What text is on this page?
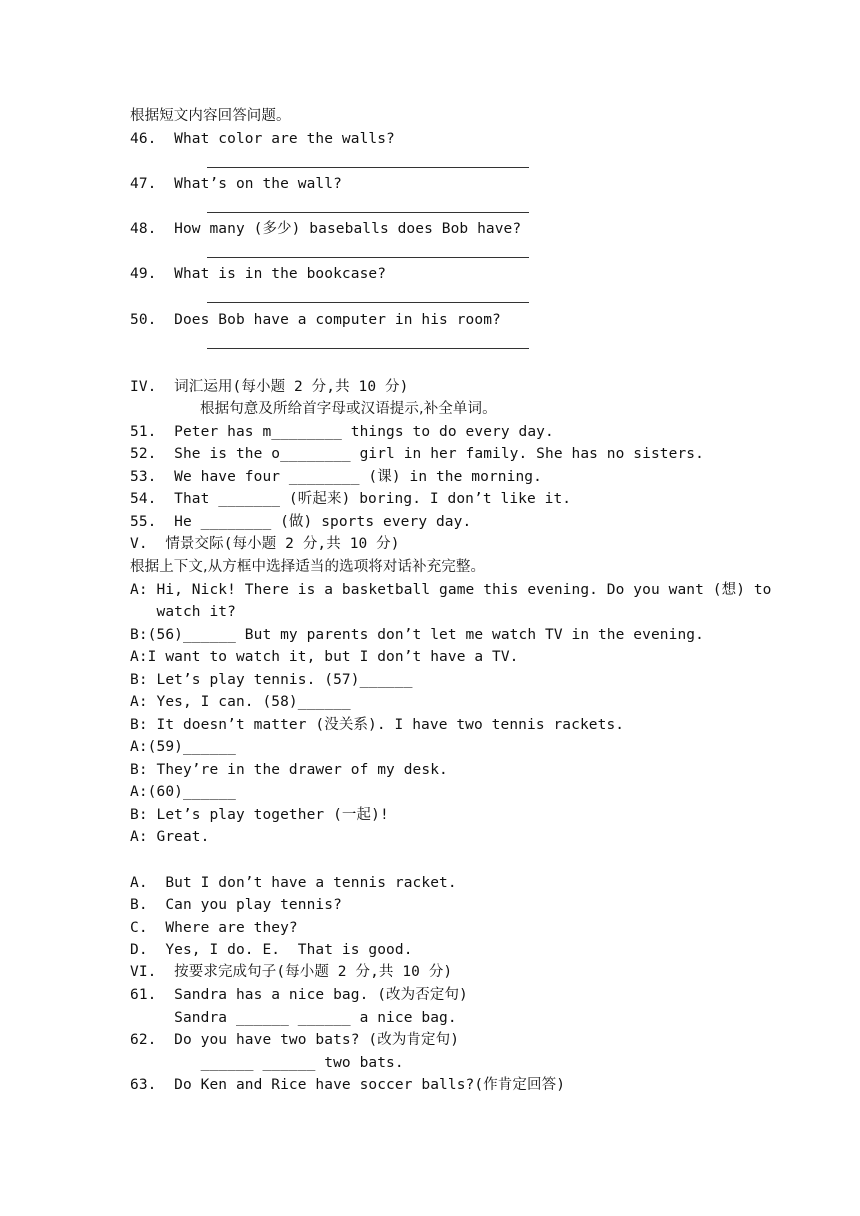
根据短文内容回答问题。
46.  What color are the walls?
47.  What’s on the wall?
48.  How many (多少) baseballs does Bob have?
49.  What is in the bookcase?
50.  Does Bob have a computer in his room?
IV.  词汇运用(每小题 2 分,共 10 分)
根据句意及所给首字母或汉语提示,补全单词。
51.  Peter has m________ things to do every day.
52.  She is the o________ girl in her family. She has no sisters.
53.  We have four ________ (课) in the morning.
54.  That _______ (听起来) boring. I don’t like it.
55.  He ________ (做) sports every day.
V.  情景交际(每小题 2 分,共 10 分)
根据上下文,从方框中选择适当的选项将对话补充完整。
A: Hi, Nick! There is a basketball game this evening. Do you want (想) to
watch it?
B:(56)______ But my parents don’t let me watch TV in the evening.
A:I want to watch it, but I don’t have a TV.
B: Let’s play tennis. (57)______
A: Yes, I can. (58)______
B: It doesn’t matter (没关系). I have two tennis rackets.
A:(59)______
B: They’re in the drawer of my desk.
A:(60)______
B: Let’s play together (一起)!
A: Great.
A.  But I don’t have a tennis racket.
B.  Can you play tennis?
C.  Where are they?
D.  Yes, I do. E.  That is good.
VI.  按要求完成句子(每小题 2 分,共 10 分)
61.  Sandra has a nice bag. (改为否定句)
Sandra ______ ______ a nice bag.
62.  Do you have two bats? (改为肯定句)
______ ______ two bats.
63.  Do Ken and Rice have soccer balls?(作肯定回答)
